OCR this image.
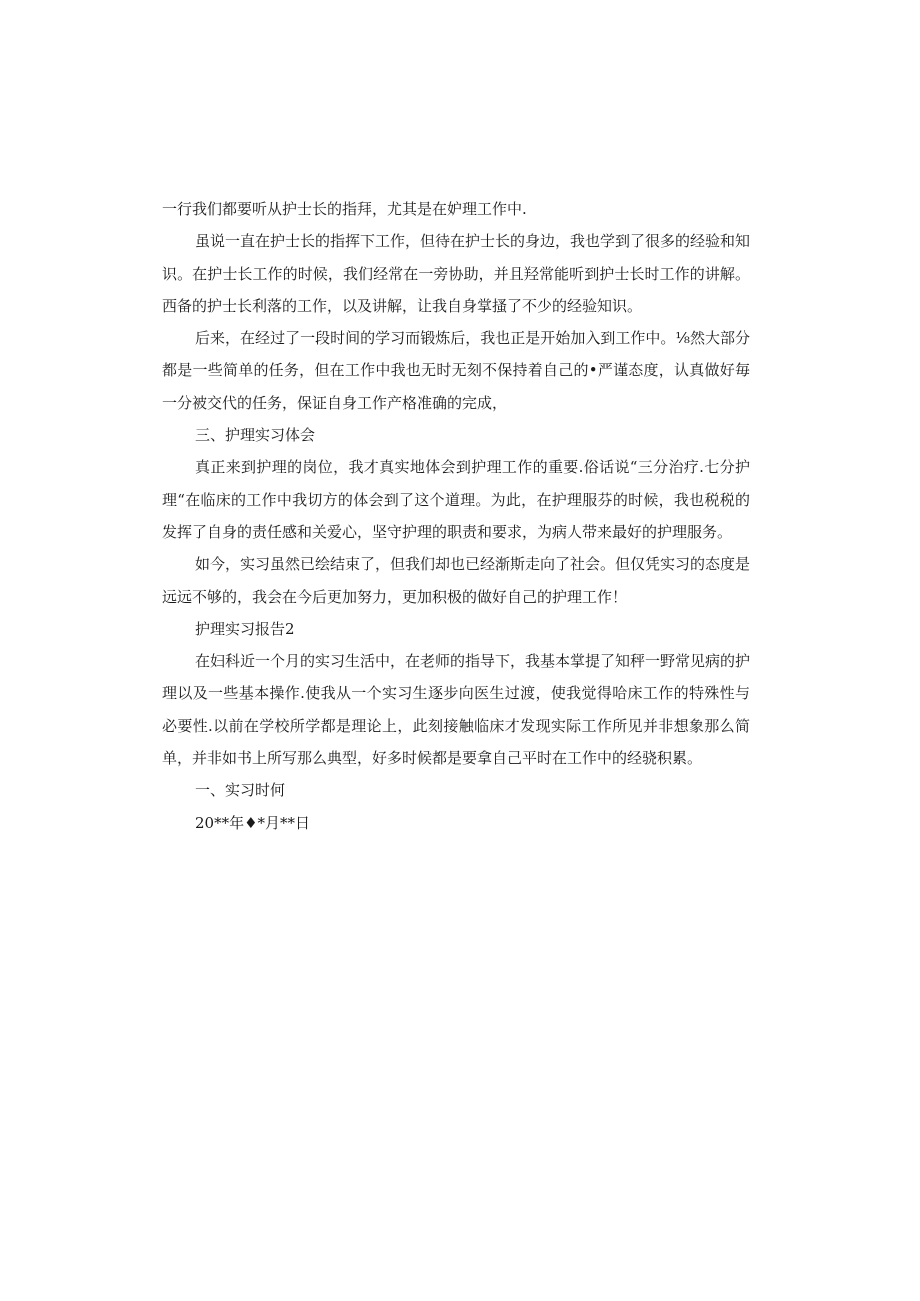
一行我们都要听从护士长的指拜，尤其是在妒理工作中.

虽说一直在护士长的指挥下工作，但待在护士长的身边，我也学到了很多的经验和知识。在护士长工作的时候，我们经常在一旁协助，并且羟常能听到护士长时工作的讲解。西备的护士长利落的工作，以及讲解，让我自身掌搔了不少的经验知识。

后来，在经过了一段时间的学习而锻炼后，我也正是开始加入到工作中。⅛然大部分都是一些简单的任务，但在工作中我也无时无刻不保持着自己的•严谨态度，认真做好毎一分被交代的任务，保证自身工作产格准确的完成，

三、护理实习体会

真正来到护理的岗位，我才真实地体会到护理工作的重要.俗话说“三分治疗.七分护理“在临床的工作中我切方的体会到了这个道理。为此，在护理服芬的时候，我也税税的发挥了自身的责任感和关爱心，坚守护理的职责和要求，为病人带来最好的护理服务。

如今，实习虽然已绘结束了，但我们却也已经渐斯走向了社会。但仅凭实习的态度是远远不够的，我会在今后更加努力，更加积极的做好自己的护理工作！

护理实习报告2

在妇科近一个月的实习生活中，在老师的指导下，我基本掌提了知秤一野常见病的护理以及一些基本操作.使我从一个实习生逐步向医生过渡，使我觉得哈床工作的特殊性与必要性.以前在学校所学都是理论上，此刻接触临床才发现实际工作所见并非想象那么简单，并非如书上所写那么典型，好多时候都是要拿自己平时在工作中的经骁积累。

一、实习时何

20**年♦*月**日
